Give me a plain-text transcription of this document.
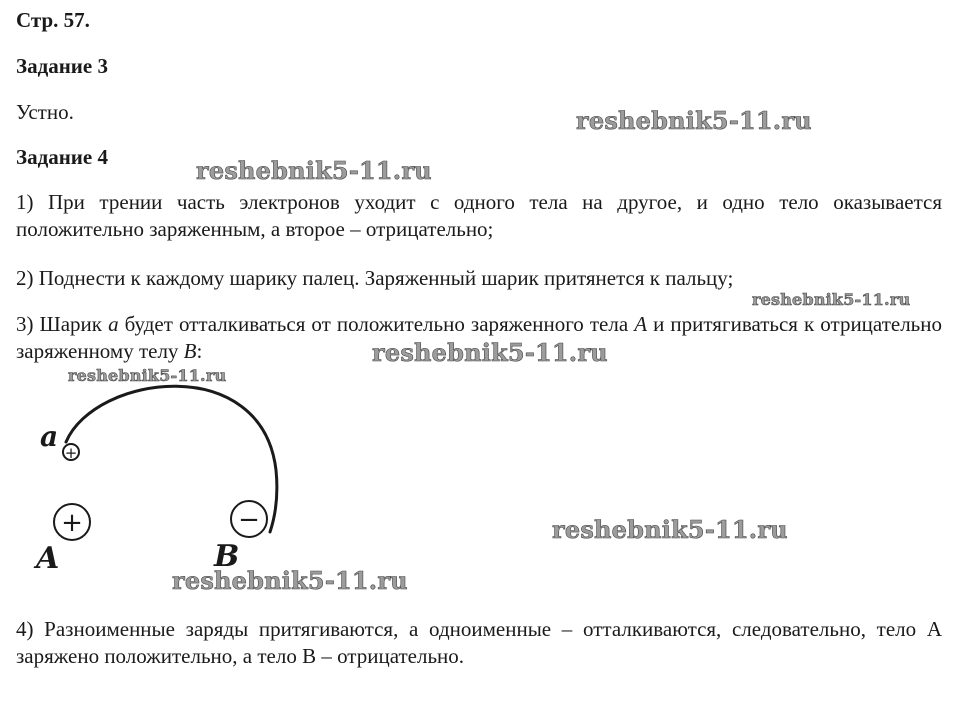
Стр. 57.
Задание 3
Устно.
Задание 4
1) При трении часть электронов уходит с одного тела на другое, и одно тело оказывается положительно заряженным, а второе – отрицательно;
2) Поднести к каждому шарику палец. Заряженный шарик притянется к пальцу;
3) Шарик a будет отталкиваться от положительно заряженного тела A и притягиваться к отрицательно заряженному телу B:
a +
+
A
−
B
4) Разноименные заряды притягиваются, а одноименные – отталкиваются, следовательно, тело А заряжено положительно, а тело В – отрицательно.
reshebnik5-11.ru
reshebnik5-11.ru
reshebnik5-11.ru
reshebnik5-11.ru
reshebnik5-11.ru
reshebnik5-11.ru
reshebnik5-11.ru
